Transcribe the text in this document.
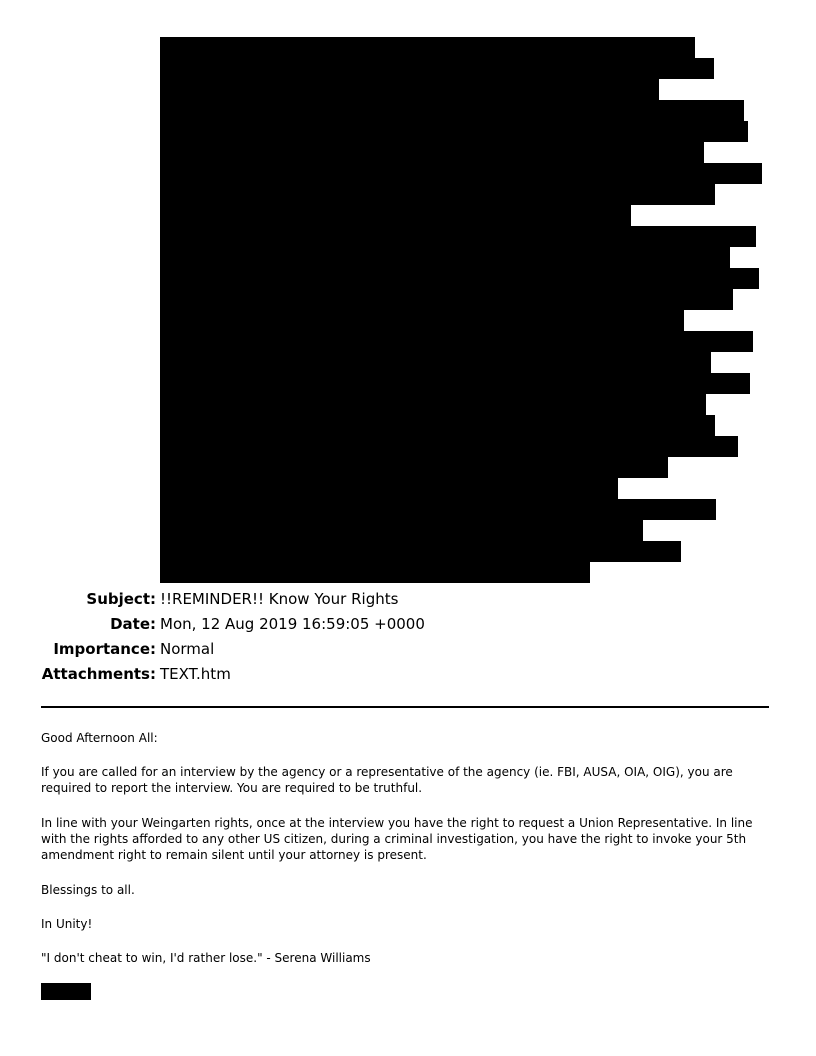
Subject: !!REMINDER!! Know Your Rights
Date: Mon, 12 Aug 2019 16:59:05 +0000
Importance: Normal
Attachments: TEXT.htm
Good Afternoon All:
If you are called for an interview by the agency or a representative of the agency (ie. FBI, AUSA, OIA, OIG), you are required to report the interview. You are required to be truthful.
In line with your Weingarten rights, once at the interview you have the right to request a Union Representative. In line with the rights afforded to any other US citizen, during a criminal investigation, you have the right to invoke your 5th amendment right to remain silent until your attorney is present.
Blessings to all.
In Unity!
"I don't cheat to win, I'd rather lose." - Serena Williams
